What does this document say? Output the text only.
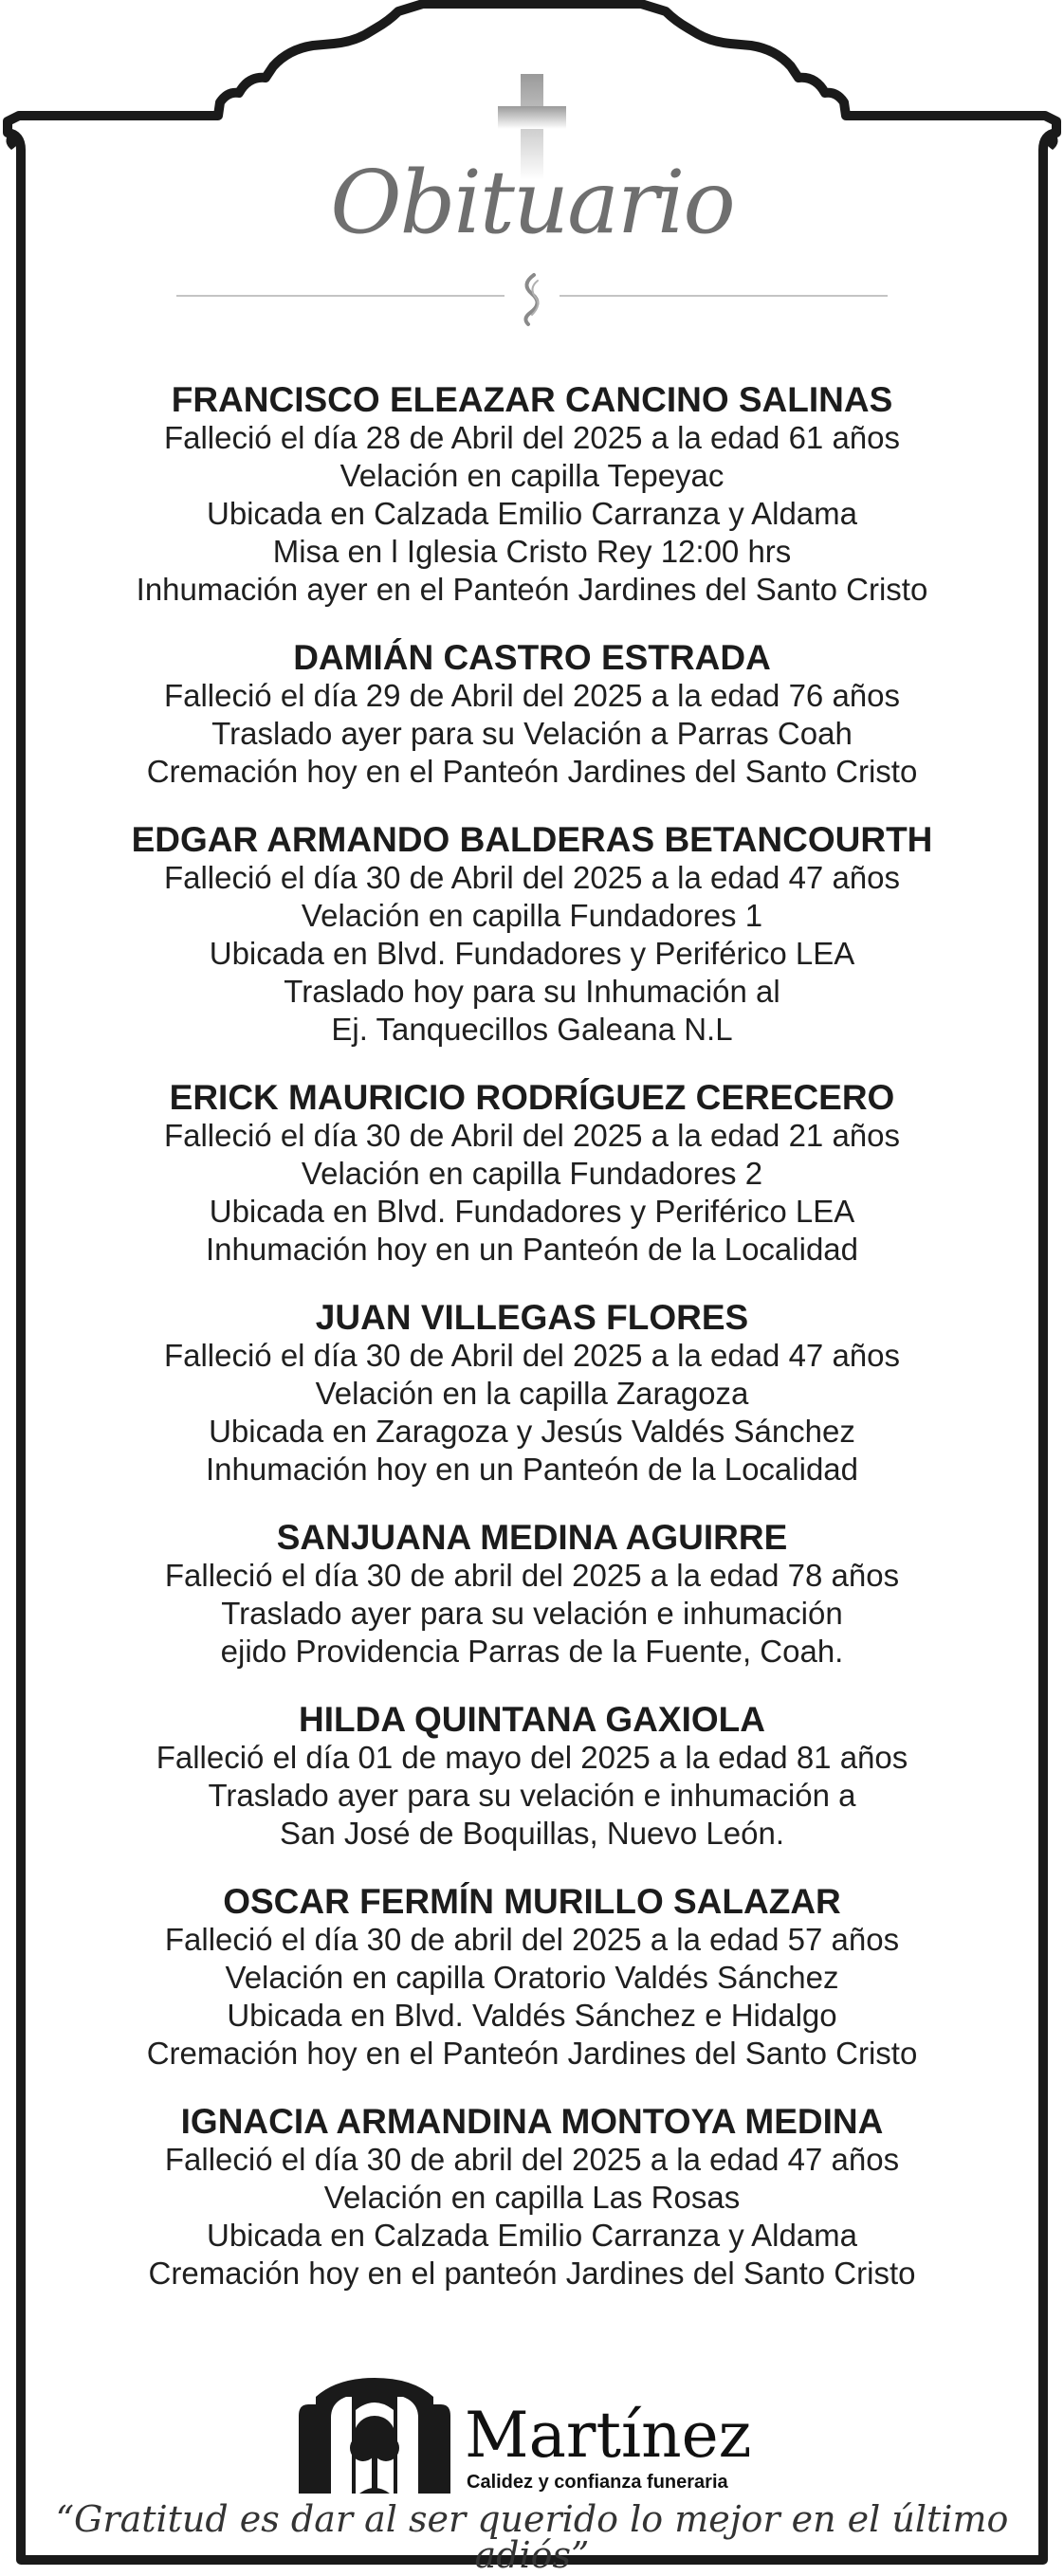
Obituario
FRANCISCO ELEAZAR CANCINO SALINAS
Falleció el día 28 de Abril del 2025 a la edad 61 años
Velación en capilla Tepeyac
Ubicada en Calzada Emilio Carranza y Aldama
Misa en l Iglesia Cristo Rey 12:00 hrs
Inhumación ayer en el Panteón Jardines del Santo Cristo
DAMIÁN CASTRO ESTRADA
Falleció el día 29 de Abril del 2025 a la edad 76 años
Traslado ayer para su Velación a Parras Coah
Cremación hoy en el Panteón Jardines del Santo Cristo
EDGAR ARMANDO BALDERAS BETANCOURTH
Falleció el día 30 de Abril del 2025 a la edad 47 años
Velación en capilla Fundadores 1
Ubicada en Blvd. Fundadores y Periférico LEA
Traslado hoy para su Inhumación al
Ej. Tanquecillos Galeana N.L
ERICK MAURICIO RODRÍGUEZ CERECERO
Falleció el día 30 de Abril del 2025 a la edad 21 años
Velación en capilla Fundadores 2
Ubicada en Blvd. Fundadores y Periférico LEA
Inhumación hoy en un Panteón de la Localidad
JUAN VILLEGAS FLORES
Falleció el día 30 de Abril del 2025 a la edad 47 años
Velación en la capilla Zaragoza
Ubicada en Zaragoza y Jesús Valdés Sánchez
Inhumación hoy en un Panteón de la Localidad
SANJUANA MEDINA AGUIRRE
Falleció el día 30 de abril del 2025 a la edad 78 años
Traslado ayer para su velación e inhumación
ejido Providencia Parras de la Fuente, Coah.
HILDA QUINTANA GAXIOLA
Falleció el día 01 de mayo del 2025 a la edad 81 años
Traslado ayer para su velación e inhumación a
San José de Boquillas, Nuevo León.
OSCAR FERMÍN MURILLO SALAZAR
Falleció el día 30 de abril del 2025 a la edad 57 años
Velación en capilla Oratorio Valdés Sánchez
Ubicada en Blvd. Valdés Sánchez e Hidalgo
Cremación hoy en el Panteón Jardines del Santo Cristo
IGNACIA ARMANDINA MONTOYA MEDINA
Falleció el día 30 de abril del 2025 a la edad 47 años
Velación en capilla Las Rosas
Ubicada en Calzada Emilio Carranza y Aldama
Cremación hoy en el panteón Jardines del Santo Cristo
Martínez
Calidez y confianza funeraria
“Gratitud es dar al ser querido lo mejor en el último adiós”
